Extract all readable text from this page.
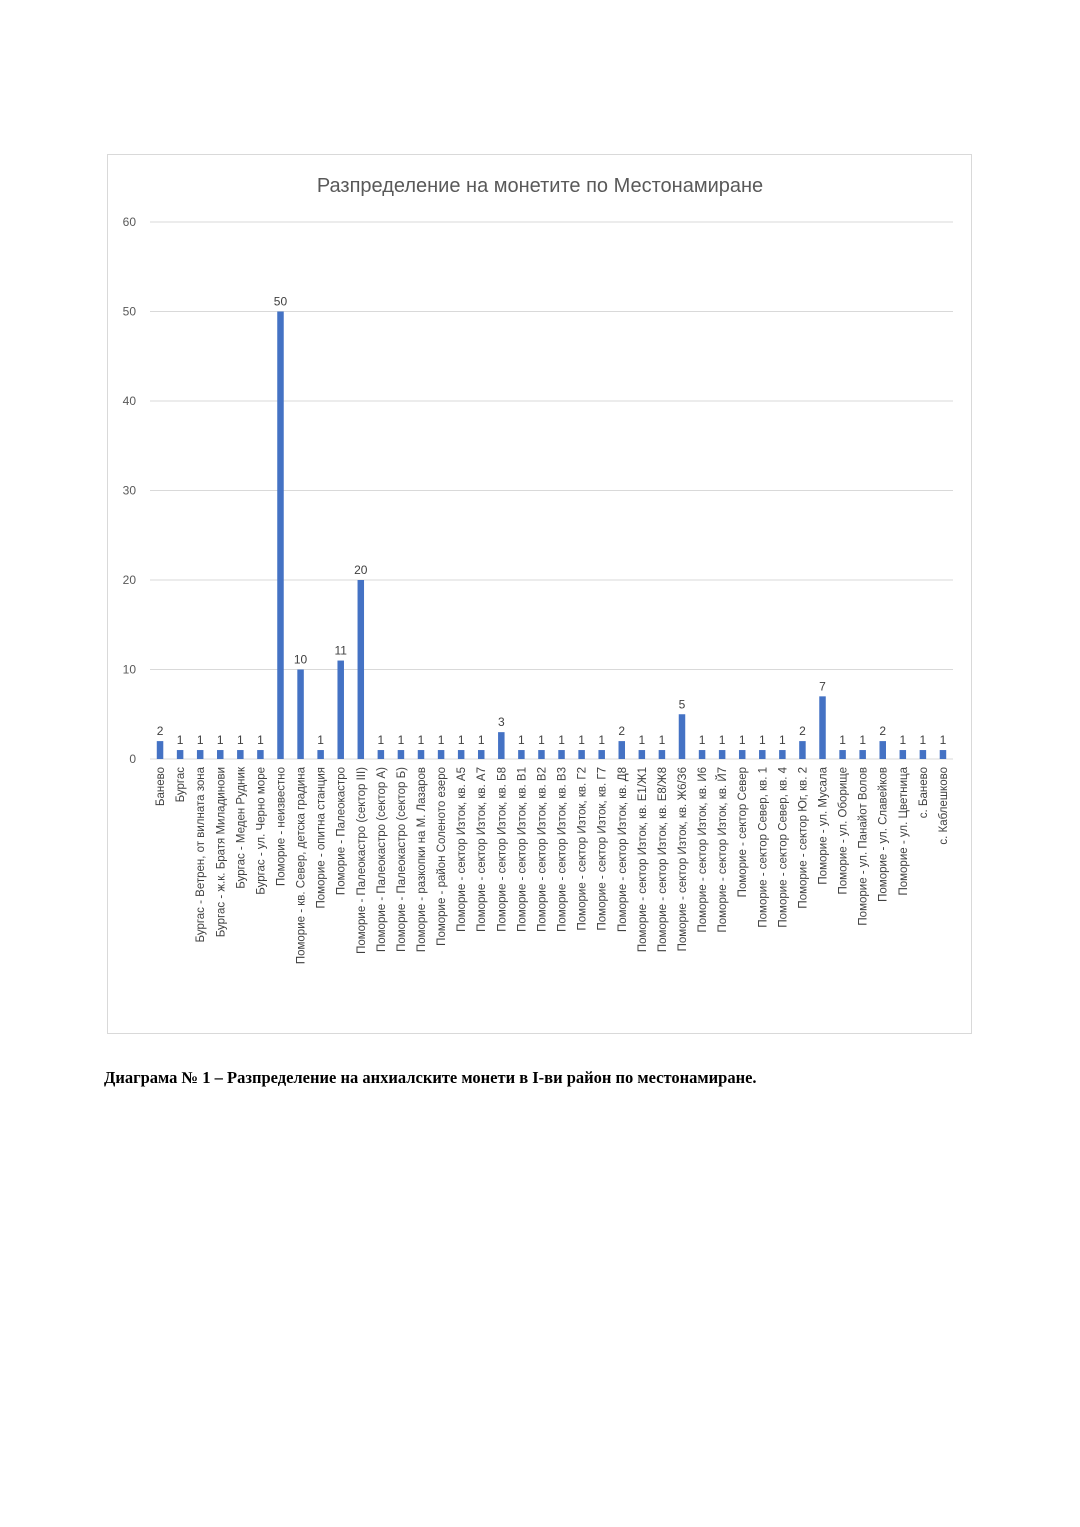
Разпределение на монетите по Местонамиране
0
10
20
30
40
50
60
2
1 1 1 1 1
50
10
1
11
20
1 1 1 1 1 1
3
1 1 1 1 1
2
1 1
5
1 1 1 1 1
2
7
1 1
2
1 1 1
Банево Бургас Бургас - Ветрен, от вилната зона Бургас - ж.к. Братя Миладинови Бургас - Меден Рудник Бургас - ул. Черно море Поморие - неизвестно Поморие - кв. Север, детска градина Поморие - опитна станция Поморие - Палеокастро Поморие - Палеокастро (сектор III) Поморие - Палеокастро (сектор А) Поморие - Палеокастро (сектор Б) Поморие - разкопки на М. Лазаров Поморие - район Соленото езеро Поморие - сектор Изток, кв. А5 Поморие - сектор Изток, кв. А7 Поморие - сектор Изток, кв. Б8 Поморие - сектор Изток, кв. В1 Поморие - сектор Изток, кв. В2 Поморие - сектор Изток, кв. В3 Поморие - сектор Изток, кв. Г2 Поморие - сектор Изток, кв. Г7 Поморие - сектор Изток, кв. Д8 Поморие - сектор Изток, кв. Е1/Ж1 Поморие - сектор Изток, кв. Е8/Ж8 Поморие - сектор Изток, кв. Ж6/З6 Поморие - сектор Изток, кв. И6 Поморие - сектор Изток, кв. Й7 Поморие - сектор Север Поморие - сектор Север, кв. 1 Поморие - сектор Север, кв. 4 Поморие - сектор Юг, кв. 2 Поморие - ул. Мусала Поморие - ул. Оборище Поморие - ул. Панайот Волов Поморие - ул. Славейков Поморие - ул. Цветница с. Банево с. Каблешково
Диаграма № 1 – Разпределение на анхиалските монети в I-ви район по местонамиране.
